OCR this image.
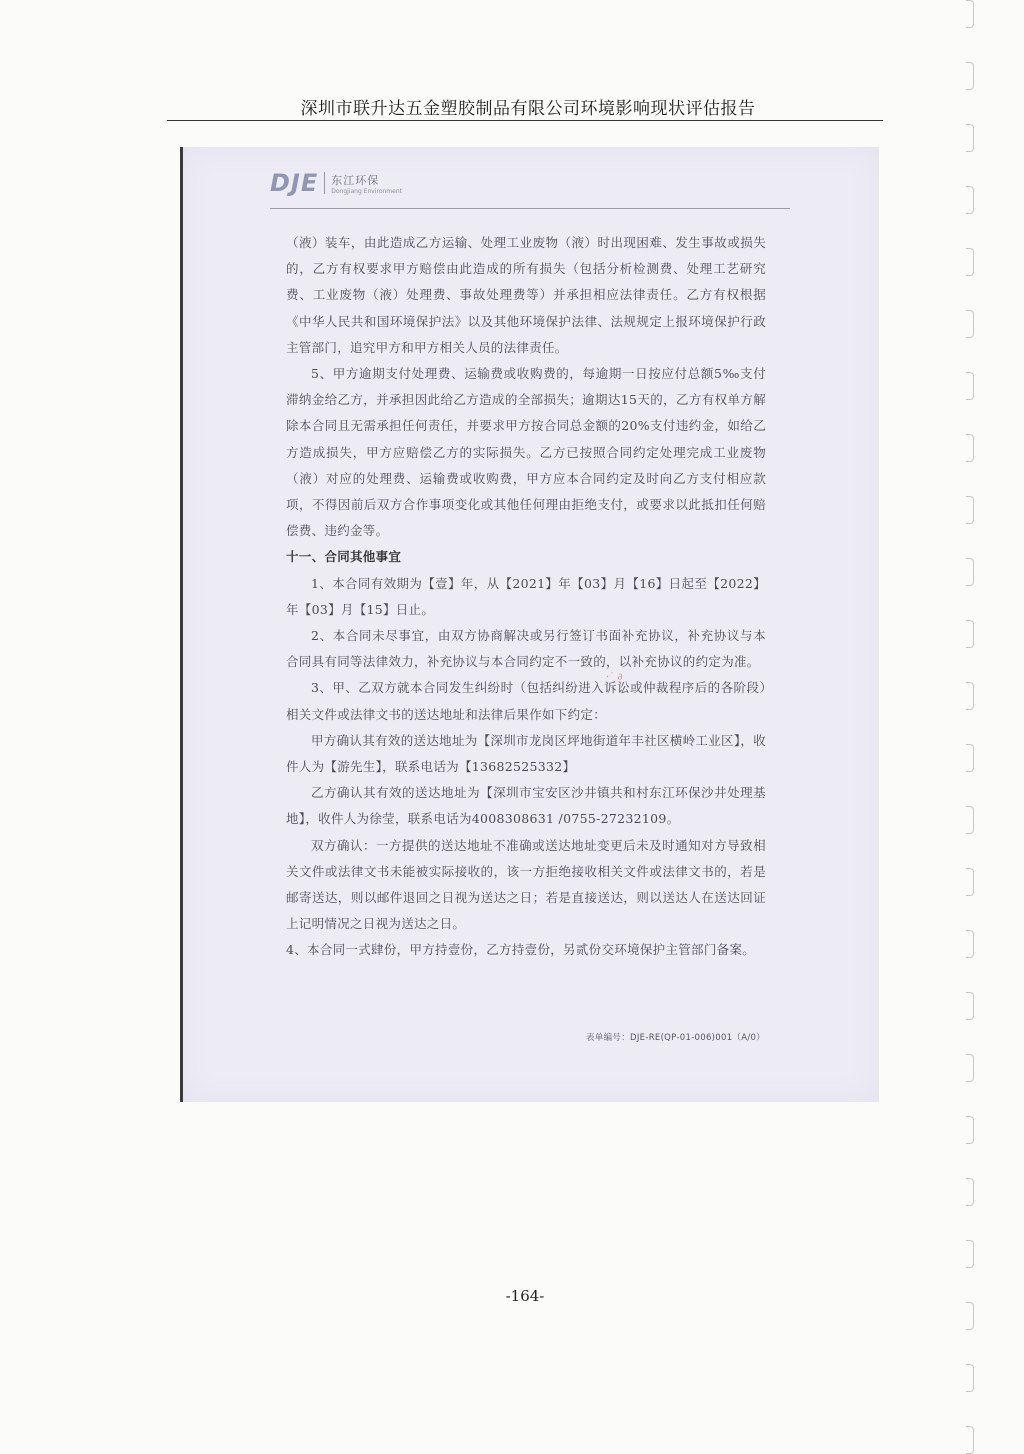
深圳市联升达五金塑胶制品有限公司环境影响现状评估报告
DJE 东江环保
Dongjiang Environment

（液）装车，由此造成乙方运输、处理工业废物（液）时出现困难、发生事故或损失的，乙方有权要求甲方赔偿由此造成的所有损失（包括分析检测费、处理工艺研究费、工业废物（液）处理费、事故处理费等）并承担相应法律责任。乙方有权根据《中华人民共和国环境保护法》以及其他环境保护法律、法规规定上报环境保护行政主管部门，追究甲方和甲方相关人员的法律责任。

5、甲方逾期支付处理费、运输费或收购费的，每逾期一日按应付总额5‰支付滞纳金给乙方，并承担因此给乙方造成的全部损失；逾期达15天的，乙方有权单方解除本合同且无需承担任何责任，并要求甲方按合同总金额的20%支付违约金，如给乙方造成损失，甲方应赔偿乙方的实际损失。乙方已按照合同约定处理完成工业废物（液）对应的处理费、运输费或收购费，甲方应本合同约定及时向乙方支付相应款项，不得因前后双方合作事项变化或其他任何理由拒绝支付，或要求以此抵扣任何赔偿费、违约金等。

十一、合同其他事宜

1、本合同有效期为【壹】年，从【2021】年【03】月【16】日起至【2022】年【03】月【15】日止。

2、本合同未尽事宜，由双方协商解决或另行签订书面补充协议，补充协议与本合同具有同等法律效力，补充协议与本合同约定不一致的，以补充协议的约定为准。

3、甲、乙双方就本合同发生纠纷时（包括纠纷进入诉讼或仲裁程序后的各阶段）相关文件或法律文书的送达地址和法律后果作如下约定：

甲方确认其有效的送达地址为【深圳市龙岗区坪地街道年丰社区横岭工业区】，收件人为【游先生】，联系电话为【13682525332】

乙方确认其有效的送达地址为【深圳市宝安区沙井镇共和村东江环保沙井处理基地】，收件人为徐莹，联系电话为4008308631 /0755-27232109。

双方确认：一方提供的送达地址不准确或送达地址变更后未及时通知对方导致相关文件或法律文书未能被实际接收的，该一方拒绝接收相关文件或法律文书的，若是邮寄送达，则以邮件退回之日视为送达之日；若是直接送达，则以送达人在送达回证上记明情况之日视为送达之日。

4、本合同一式肆份，甲方持壹份，乙方持壹份，另贰份交环境保护主管部门备案。

·ˊ ∂
表单编号：DJE-RE(QP-01-006)001（A/0）
-164-
